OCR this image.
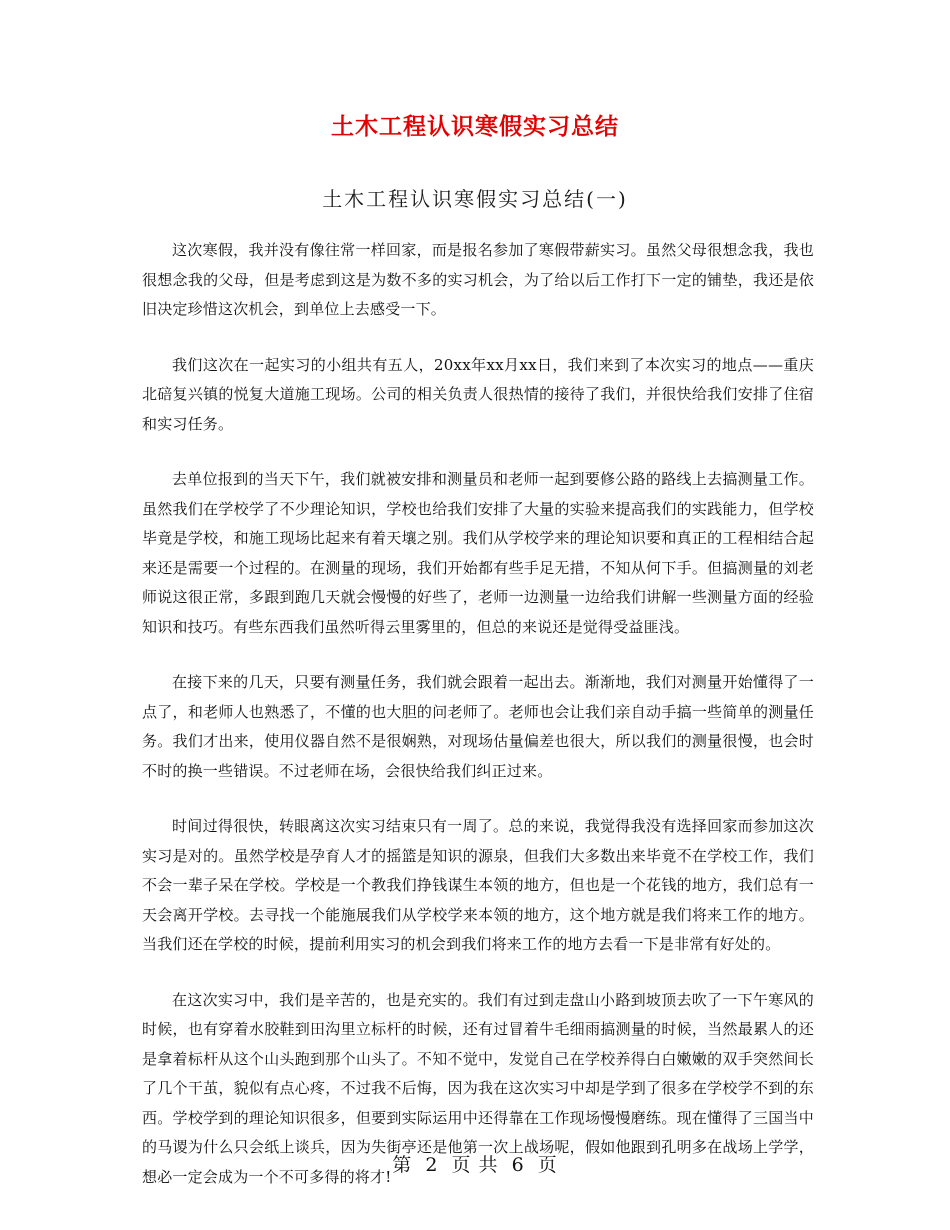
土木工程认识寒假实习总结
土木工程认识寒假实习总结(一)

这次寒假，我并没有像往常一样回家，而是报名参加了寒假带薪实习。虽然父母很想念我，我也很想念我的父母，但是考虑到这是为数不多的实习机会，为了给以后工作打下一定的铺垫，我还是依旧决定珍惜这次机会，到单位上去感受一下。

我们这次在一起实习的小组共有五人，20xx年xx月xx日，我们来到了本次实习的地点——重庆北碚复兴镇的悦复大道施工现场。公司的相关负责人很热情的接待了我们，并很快给我们安排了住宿和实习任务。

去单位报到的当天下午，我们就被安排和测量员和老师一起到要修公路的路线上去搞测量工作。虽然我们在学校学了不少理论知识，学校也给我们安排了大量的实验来提高我们的实践能力，但学校毕竟是学校，和施工现场比起来有着天壤之别。我们从学校学来的理论知识要和真正的工程相结合起来还是需要一个过程的。在测量的现场，我们开始都有些手足无措，不知从何下手。但搞测量的刘老师说这很正常，多跟到跑几天就会慢慢的好些了，老师一边测量一边给我们讲解一些测量方面的经验知识和技巧。有些东西我们虽然听得云里雾里的，但总的来说还是觉得受益匪浅。

在接下来的几天，只要有测量任务，我们就会跟着一起出去。渐渐地，我们对测量开始懂得了一点了，和老师人也熟悉了，不懂的也大胆的问老师了。老师也会让我们亲自动手搞一些简单的测量任务。我们才出来，使用仪器自然不是很娴熟，对现场估量偏差也很大，所以我们的测量很慢，也会时不时的换一些错误。不过老师在场，会很快给我们纠正过来。

时间过得很快，转眼离这次实习结束只有一周了。总的来说，我觉得我没有选择回家而参加这次实习是对的。虽然学校是孕育人才的摇篮是知识的源泉，但我们大多数出来毕竟不在学校工作，我们不会一辈子呆在学校。学校是一个教我们挣钱谋生本领的地方，但也是一个花钱的地方，我们总有一天会离开学校。去寻找一个能施展我们从学校学来本领的地方，这个地方就是我们将来工作的地方。当我们还在学校的时候，提前利用实习的机会到我们将来工作的地方去看一下是非常有好处的。

在这次实习中，我们是辛苦的，也是充实的。我们有过到走盘山小路到坡顶去吹了一下午寒风的时候，也有穿着水胶鞋到田沟里立标杆的时候，还有过冒着牛毛细雨搞测量的时候，当然最累人的还是拿着标杆从这个山头跑到那个山头了。不知不觉中，发觉自己在学校养得白白嫩嫩的双手突然间长了几个干茧，貌似有点心疼，不过我不后悔，因为我在这次实习中却是学到了很多在学校学不到的东西。学校学到的理论知识很多，但要到实际运用中还得靠在工作现场慢慢磨练。现在懂得了三国当中的马谡为什么只会纸上谈兵，因为失街亭还是他第一次上战场呢，假如他跟到孔明多在战场上学学，想必一定会成为一个不可多得的将才!

第 2 页 共 6 页
